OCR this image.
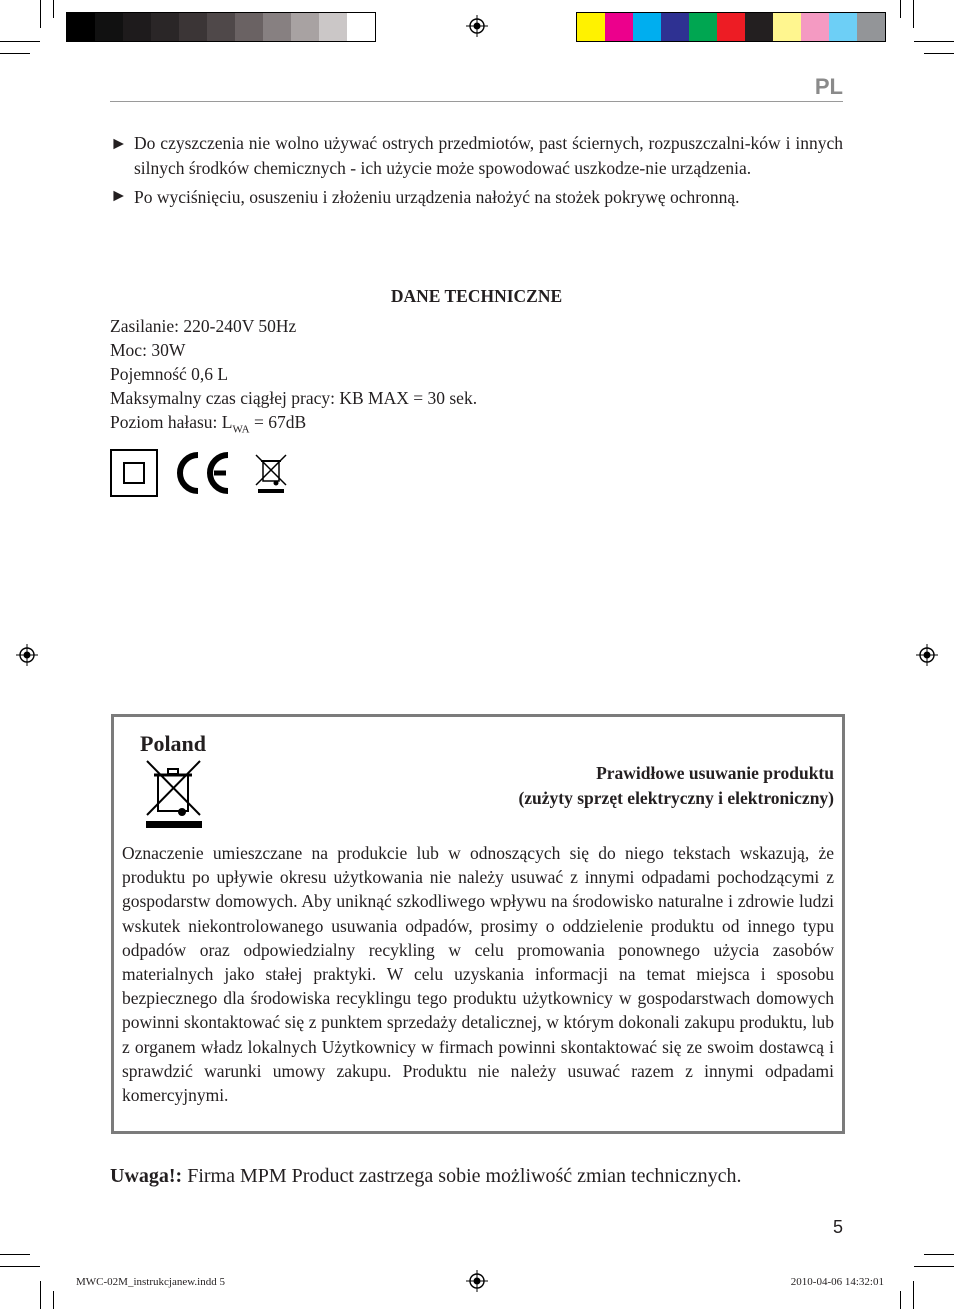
PL
► Do czyszczenia nie wolno używać ostrych przedmiotów, past ściernych, rozpuszczalni-ków i innych silnych środków chemicznych - ich użycie może spowodować uszkodze-nie urządzenia.
► Po wyciśnięciu, osuszeniu i złożeniu urządzenia nałożyć na stożek pokrywę ochronną.
DANE TECHNICZNE
Zasilanie: 220-240V 50Hz
Moc: 30W
Pojemność 0,6 L
Maksymalny czas ciągłej pracy: KB MAX = 30 sek.
Poziom hałasu: $L_{WA} = 67dB$
Poland
Prawidłowe usuwanie produktu
(zużyty sprzęt elektryczny i elektroniczny)
Oznaczenie umieszczane na produkcie lub w odnoszących się do niego tekstach wskazują, że produktu po upływie okresu użytkowania nie należy usuwać z innymi odpadami pochodzącymi z gospodarstw domowych. Aby uniknąć szkodliwego wpływu na środowisko naturalne i zdrowie ludzi wskutek niekontrolowanego usuwania odpadów, prosimy o oddzielenie produktu od innego typu odpadów oraz odpowiedzialny recykling w celu promowania ponownego użycia zasobów materialnych jako stałej praktyki. W celu uzyskania informacji na temat miejsca i sposobu bezpiecznego dla środowiska recyklingu tego produktu użytkownicy w gospodarstwach domowych powinni skontaktować się z punktem sprzedaży detalicznej, w którym dokonali zakupu produktu, lub z organem władz lokalnych Użytkownicy w firmach powinni skontaktować się ze swoim dostawcą i sprawdzić warunki umowy zakupu. Produktu nie należy usuwać razem z innymi odpadami komercyjnymi.
Uwaga!: Firma MPM Product zastrzega sobie możliwość zmian technicznych.
5
MWC-02M_instrukcjanew.indd 5	2010-04-06 14:32:01
